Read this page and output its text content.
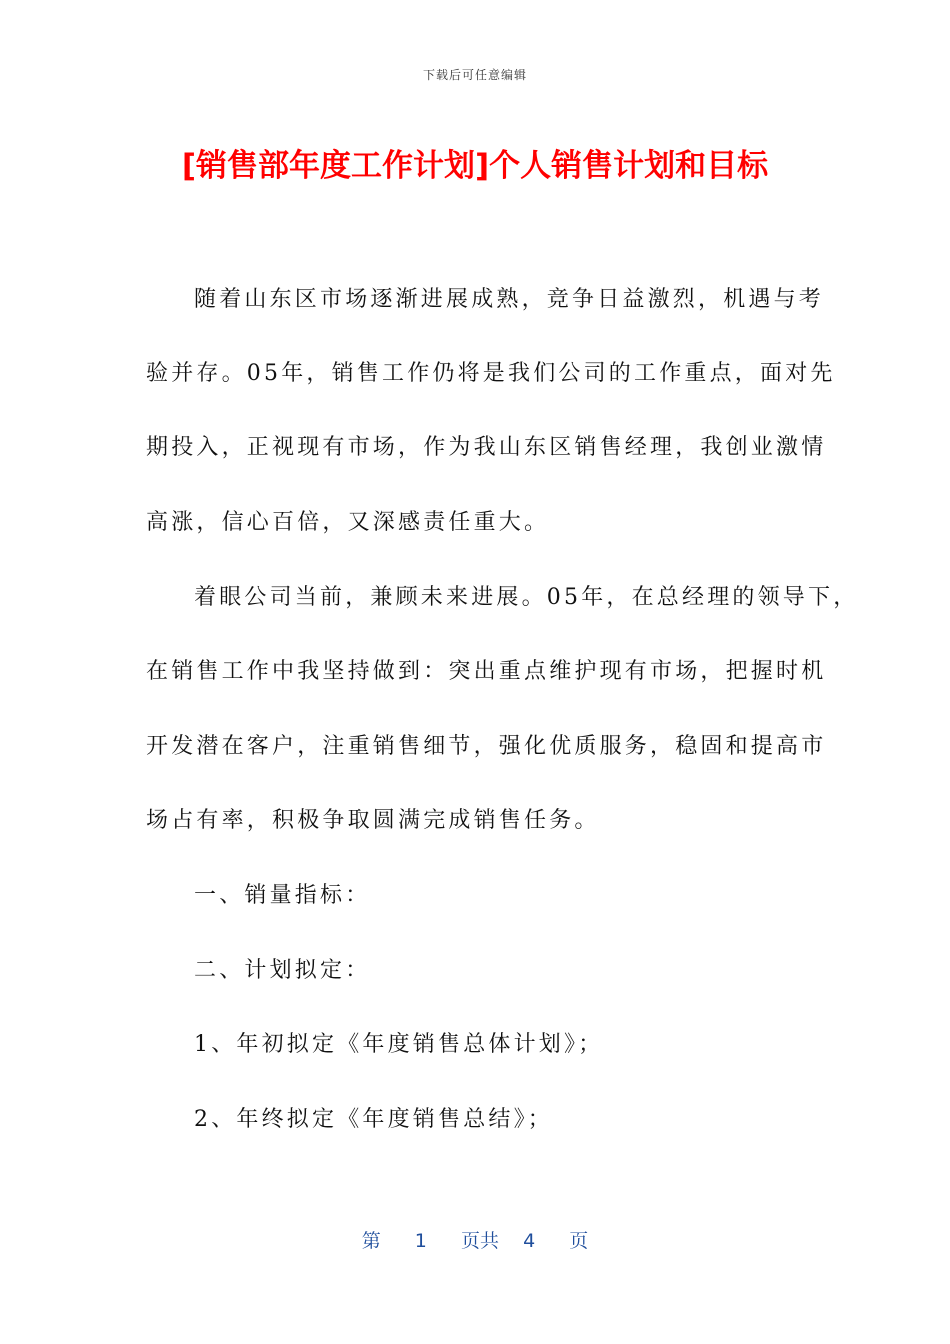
下载后可任意编辑
[销售部年度工作计划]个人销售计划和目标
随着山东区市场逐渐进展成熟，竞争日益激烈，机遇与考
验并存。05年，销售工作仍将是我们公司的工作重点，面对先
期投入，正视现有市场，作为我山东区销售经理，我创业激情
高涨，信心百倍，又深感责任重大。
着眼公司当前，兼顾未来进展。05年，在总经理的领导下，
在销售工作中我坚持做到：突出重点维护现有市场，把握时机
开发潜在客户，注重销售细节，强化优质服务，稳固和提高市
场占有率，积极争取圆满完成销售任务。
一、销量指标：
二、计划拟定：
1、年初拟定《年度销售总体计划》；
2、年终拟定《年度销售总结》；
第 1 页共 4 页
